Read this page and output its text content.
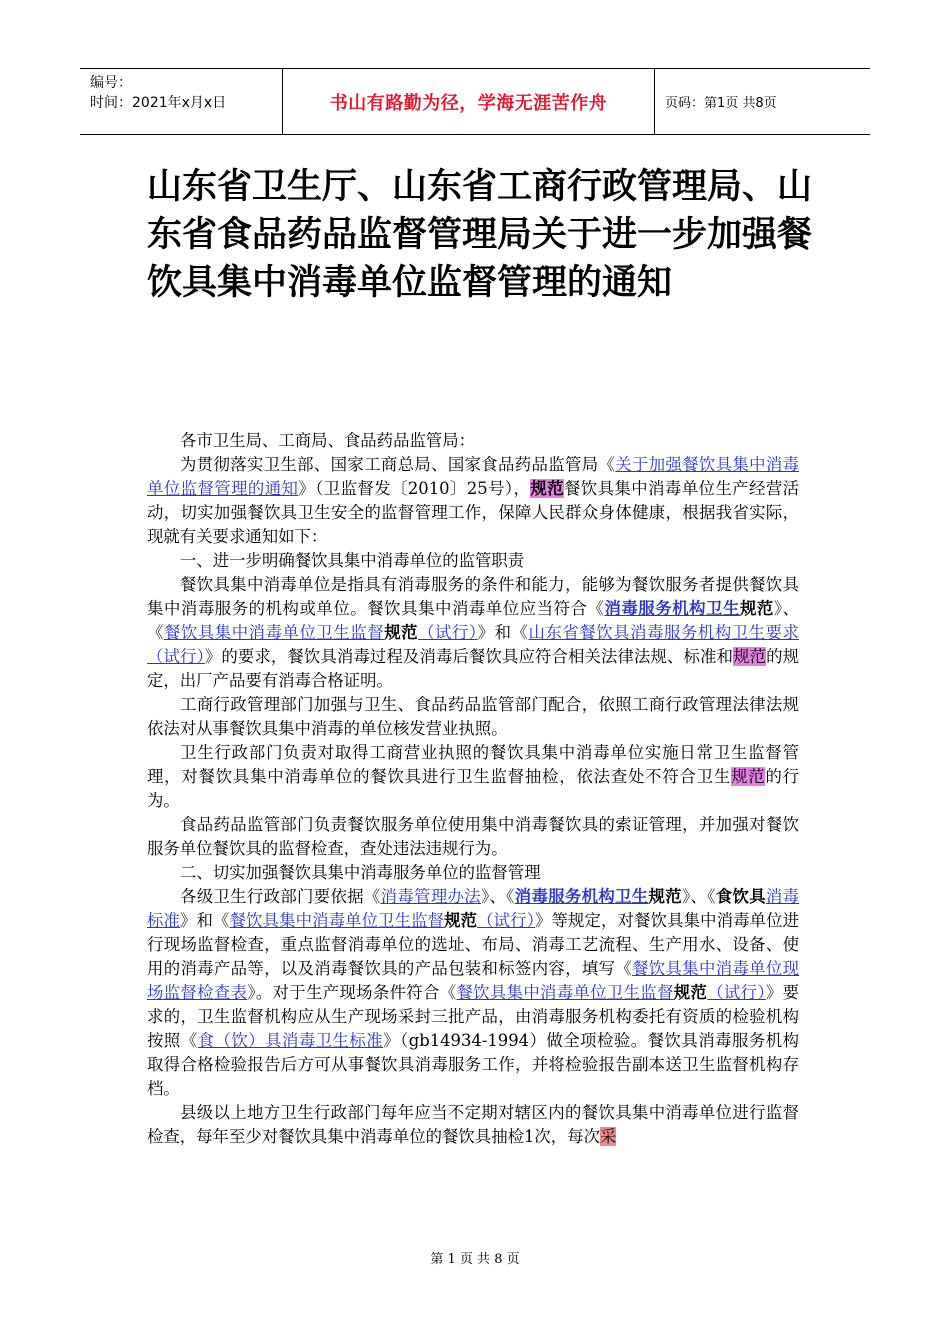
编号：
时间：2021年x月x日	书山有路勤为径，学海无涯苦作舟	页码：第1页 共8页
山东省卫生厅、山东省工商行政管理局、山东省食品药品监督管理局关于进一步加强餐饮具集中消毒单位监督管理的通知

各市卫生局、工商局、食品药品监管局：

为贯彻落实卫生部、国家工商总局、国家食品药品监管局《关于加强餐饮具集中消毒单位监督管理的通知》（卫监督发〔2010〕25号），规范餐饮具集中消毒单位生产经营活动，切实加强餐饮具卫生安全的监督管理工作，保障人民群众身体健康，根据我省实际，现就有关要求通知如下：

一、进一步明确餐饮具集中消毒单位的监管职责

餐饮具集中消毒单位是指具有消毒服务的条件和能力，能够为餐饮服务者提供餐饮具集中消毒服务的机构或单位。餐饮具集中消毒单位应当符合《消毒服务机构卫生规范》、《餐饮具集中消毒单位卫生监督规范（试行）》和《山东省餐饮具消毒服务机构卫生要求（试行）》的要求，餐饮具消毒过程及消毒后餐饮具应符合相关法律法规、标准和规范的规定，出厂产品要有消毒合格证明。

工商行政管理部门加强与卫生、食品药品监管部门配合，依照工商行政管理法律法规依法对从事餐饮具集中消毒的单位核发营业执照。

卫生行政部门负责对取得工商营业执照的餐饮具集中消毒单位实施日常卫生监督管理，对餐饮具集中消毒单位的餐饮具进行卫生监督抽检，依法查处不符合卫生规范的行为。

食品药品监管部门负责餐饮服务单位使用集中消毒餐饮具的索证管理，并加强对餐饮服务单位餐饮具的监督检查，查处违法违规行为。

二、切实加强餐饮具集中消毒服务单位的监督管理

各级卫生行政部门要依据《消毒管理办法》、《消毒服务机构卫生规范》、《食饮具消毒标准》和《餐饮具集中消毒单位卫生监督规范（试行）》等规定，对餐饮具集中消毒单位进行现场监督检查，重点监督消毒单位的选址、布局、消毒工艺流程、生产用水、设备、使用的消毒产品等，以及消毒餐饮具的产品包装和标签内容，填写《餐饮具集中消毒单位现场监督检查表》。对于生产现场条件符合《餐饮具集中消毒单位卫生监督规范（试行）》要求的，卫生监督机构应从生产现场采封三批产品，由消毒服务机构委托有资质的检验机构按照《食（饮）具消毒卫生标准》（gb14934-1994）做全项检验。餐饮具消毒服务机构取得合格检验报告后方可从事餐饮具消毒服务工作，并将检验报告副本送卫生监督机构存档。

县级以上地方卫生行政部门每年应当不定期对辖区内的餐饮具集中消毒单位进行监督检查，每年至少对餐饮具集中消毒单位的餐饮具抽检1次，每次采

第 1 页 共 8 页
